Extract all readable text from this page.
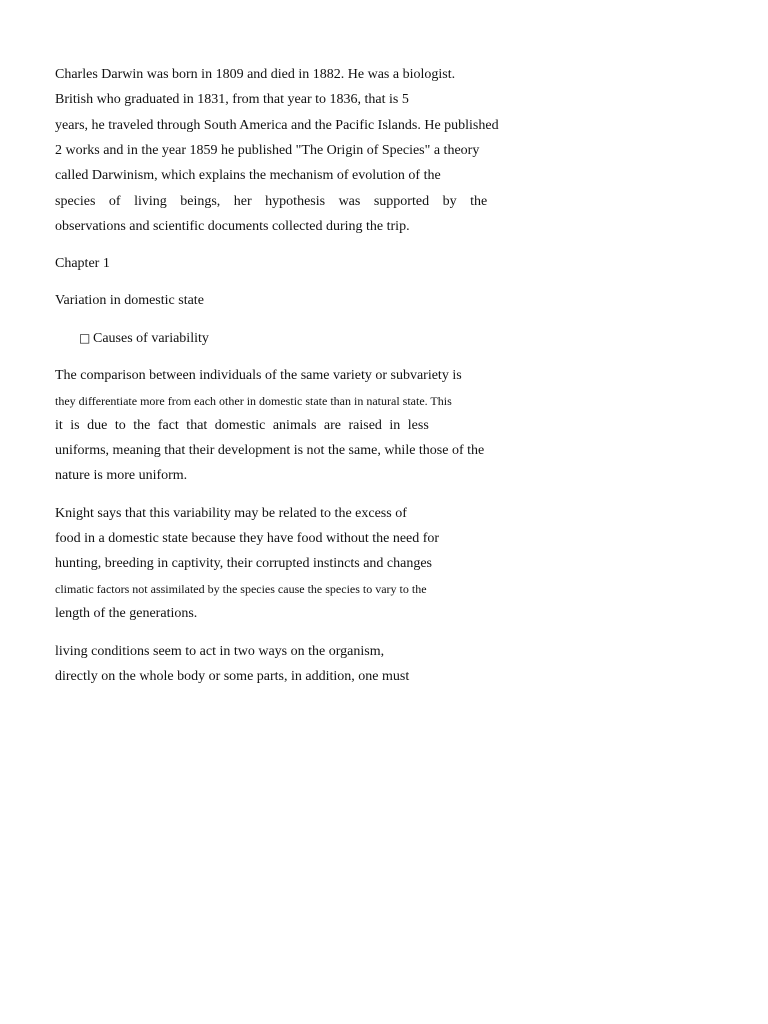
Charles Darwin was born in 1809 and died in 1882. He was a biologist.
British who graduated in 1831, from that year to 1836, that is 5
years, he traveled through South America and the Pacific Islands. He published
2 works and in the year 1859 he published "The Origin of Species" a theory
called Darwinism, which explains the mechanism of evolution of the
species of living beings, her hypothesis was supported by the
observations and scientific documents collected during the trip.
Chapter 1
Variation in domestic state
□ Causes of variability
The comparison between individuals of the same variety or subvariety is
they differentiate more from each other in domestic state than in natural state. This
it is due to the fact that domestic animals are raised in less
uniforms, meaning that their development is not the same, while those of the
nature is more uniform.
Knight says that this variability may be related to the excess of
food in a domestic state because they have food without the need for
hunting, breeding in captivity, their corrupted instincts and changes
climatic factors not assimilated by the species cause the species to vary to the
length of the generations.
living conditions seem to act in two ways on the organism,
directly on the whole body or some parts, in addition, one must
